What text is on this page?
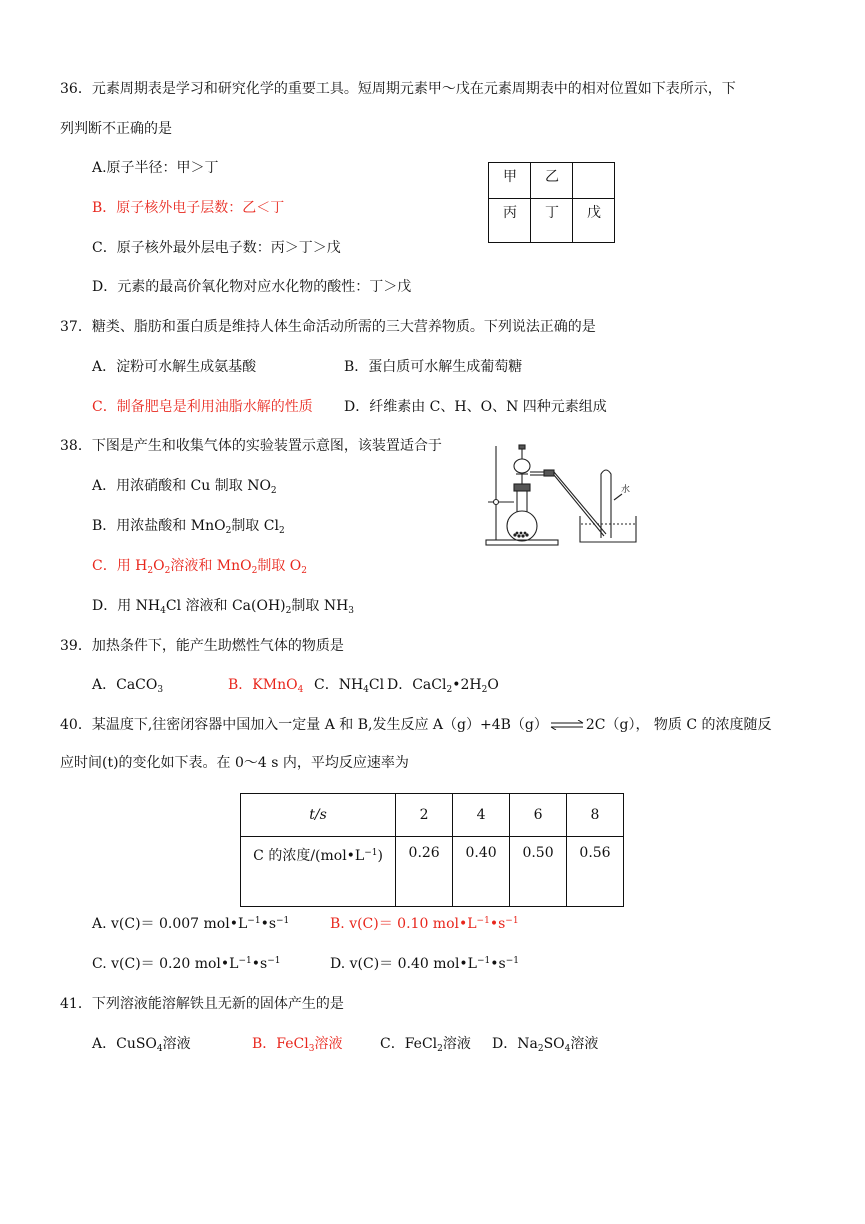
36．元素周期表是学习和研究化学的重要工具。短周期元素甲～戊在元素周期表中的相对位置如下表所示，下
列判断不正确的是
A.原子半径：甲＞丁
B．原子核外电子层数：乙＜丁
C．原子核外最外层电子数：丙＞丁＞戊
D．元素的最高价氧化物对应水化物的酸性：丁＞戊
甲	乙	
丙	丁	戊
37．糖类、脂肪和蛋白质是维持人体生命活动所需的三大营养物质。下列说法正确的是
A．淀粉可水解生成氨基酸	B．蛋白质可水解生成葡萄糖
C．制备肥皂是利用油脂水解的性质 D．纤维素由 C、H、O、N 四种元素组成
38．下图是产生和收集气体的实验装置示意图，该装置适合于
A．用浓硝酸和 Cu 制取 $NO_2$
B．用浓盐酸和 MnO$_2$制取 $Cl_2$
C．用 $H_2O_2$溶液和 MnO$_2$制取 $O_2$
D．用 $NH_4Cl$ 溶液和 $Ca(OH)_2$制取 $NH_3$
水
39．加热条件下，能产生助燃性气体的物质是
A．CaCO$_3$	B．KMnO$_4$ C．$NH_4Cl$ D．$CaCl_2•2H_2O$
40．某温度下,往密闭容器中国加入一定量 A 和 B,发生反应 A（g）+4B（g） ⇌ 2C（g）， 物质 C 的浓度随反
应时间(t)的变化如下表。在 0～4 s 内，平均反应速率为
t/s	2	4	6	8
C 的浓度$/(mol•L^{-1})$	0.26	0.40	0.50	0.56
A. v(C)＝ 0.007 $mol•L^{-1}•s^{-1}$	B. v(C)＝ 0.10 $mol•L^{-1}•s^{-1}$
C. v(C)＝ 0.20 $mol•L^{-1}•s^{-1}$	D. v(C)＝ 0.40 $mol•L^{-1}•s^{-1}$
41．下列溶液能溶解铁且无新的固体产生的是
A．CuSO$_4$溶液	B．FeCl$_3$溶液	C．FeCl$_2$溶液 D．$Na_2SO_4$溶液
